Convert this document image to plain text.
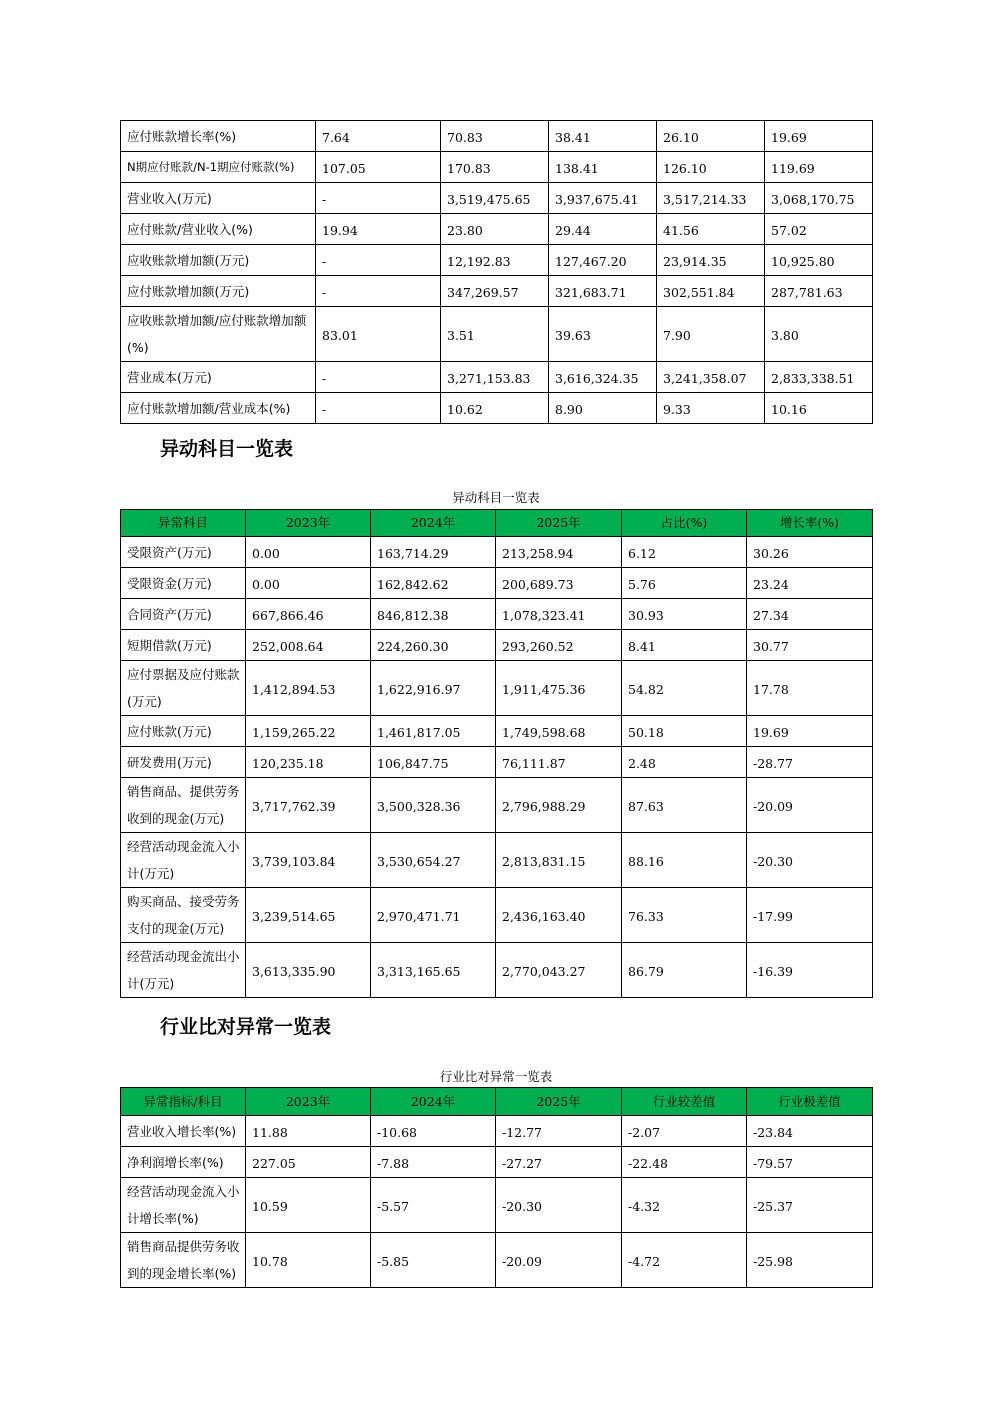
应付账款增长率(%)	7.64	70.83	38.41	26.10	19.69
N期应付账款/N-1期应付账款(%)	107.05	170.83	138.41	126.10	119.69
营业收入(万元)	-	3,519,475.65	3,937,675.41	3,517,214.33	3,068,170.75
应付账款/营业收入(%)	19.94	23.80	29.44	41.56	57.02
应收账款增加额(万元)	-	12,192.83	127,467.20	23,914.35	10,925.80
应付账款增加额(万元)	-	347,269.57	321,683.71	302,551.84	287,781.63
应收账款增加额/应付账款增加额(%)	83.01	3.51	39.63	7.90	3.80
营业成本(万元)	-	3,271,153.83	3,616,324.35	3,241,358.07	2,833,338.51
应付账款增加额/营业成本(%)	-	10.62	8.90	9.33	10.16
异动科目一览表
异动科目一览表
异常科目	2023年	2024年	2025年	占比(%)	增长率(%)
受限资产(万元)	0.00	163,714.29	213,258.94	6.12	30.26
受限资金(万元)	0.00	162,842.62	200,689.73	5.76	23.24
合同资产(万元)	667,866.46	846,812.38	1,078,323.41	30.93	27.34
短期借款(万元)	252,008.64	224,260.30	293,260.52	8.41	30.77
应付票据及应付账款(万元)	1,412,894.53	1,622,916.97	1,911,475.36	54.82	17.78
应付账款(万元)	1,159,265.22	1,461,817.05	1,749,598.68	50.18	19.69
研发费用(万元)	120,235.18	106,847.75	76,111.87	2.48	-28.77
销售商品、提供劳务收到的现金(万元)	3,717,762.39	3,500,328.36	2,796,988.29	87.63	-20.09
经营活动现金流入小计(万元)	3,739,103.84	3,530,654.27	2,813,831.15	88.16	-20.30
购买商品、接受劳务支付的现金(万元)	3,239,514.65	2,970,471.71	2,436,163.40	76.33	-17.99
经营活动现金流出小计(万元)	3,613,335.90	3,313,165.65	2,770,043.27	86.79	-16.39
行业比对异常一览表
行业比对异常一览表
异常指标/科目	2023年	2024年	2025年	行业较差值	行业极差值
营业收入增长率(%)	11.88	-10.68	-12.77	-2.07	-23.84
净利润增长率(%)	227.05	-7.88	-27.27	-22.48	-79.57
经营活动现金流入小计增长率(%)	10.59	-5.57	-20.30	-4.32	-25.37
销售商品提供劳务收到的现金增长率(%)	10.78	-5.85	-20.09	-4.72	-25.98
